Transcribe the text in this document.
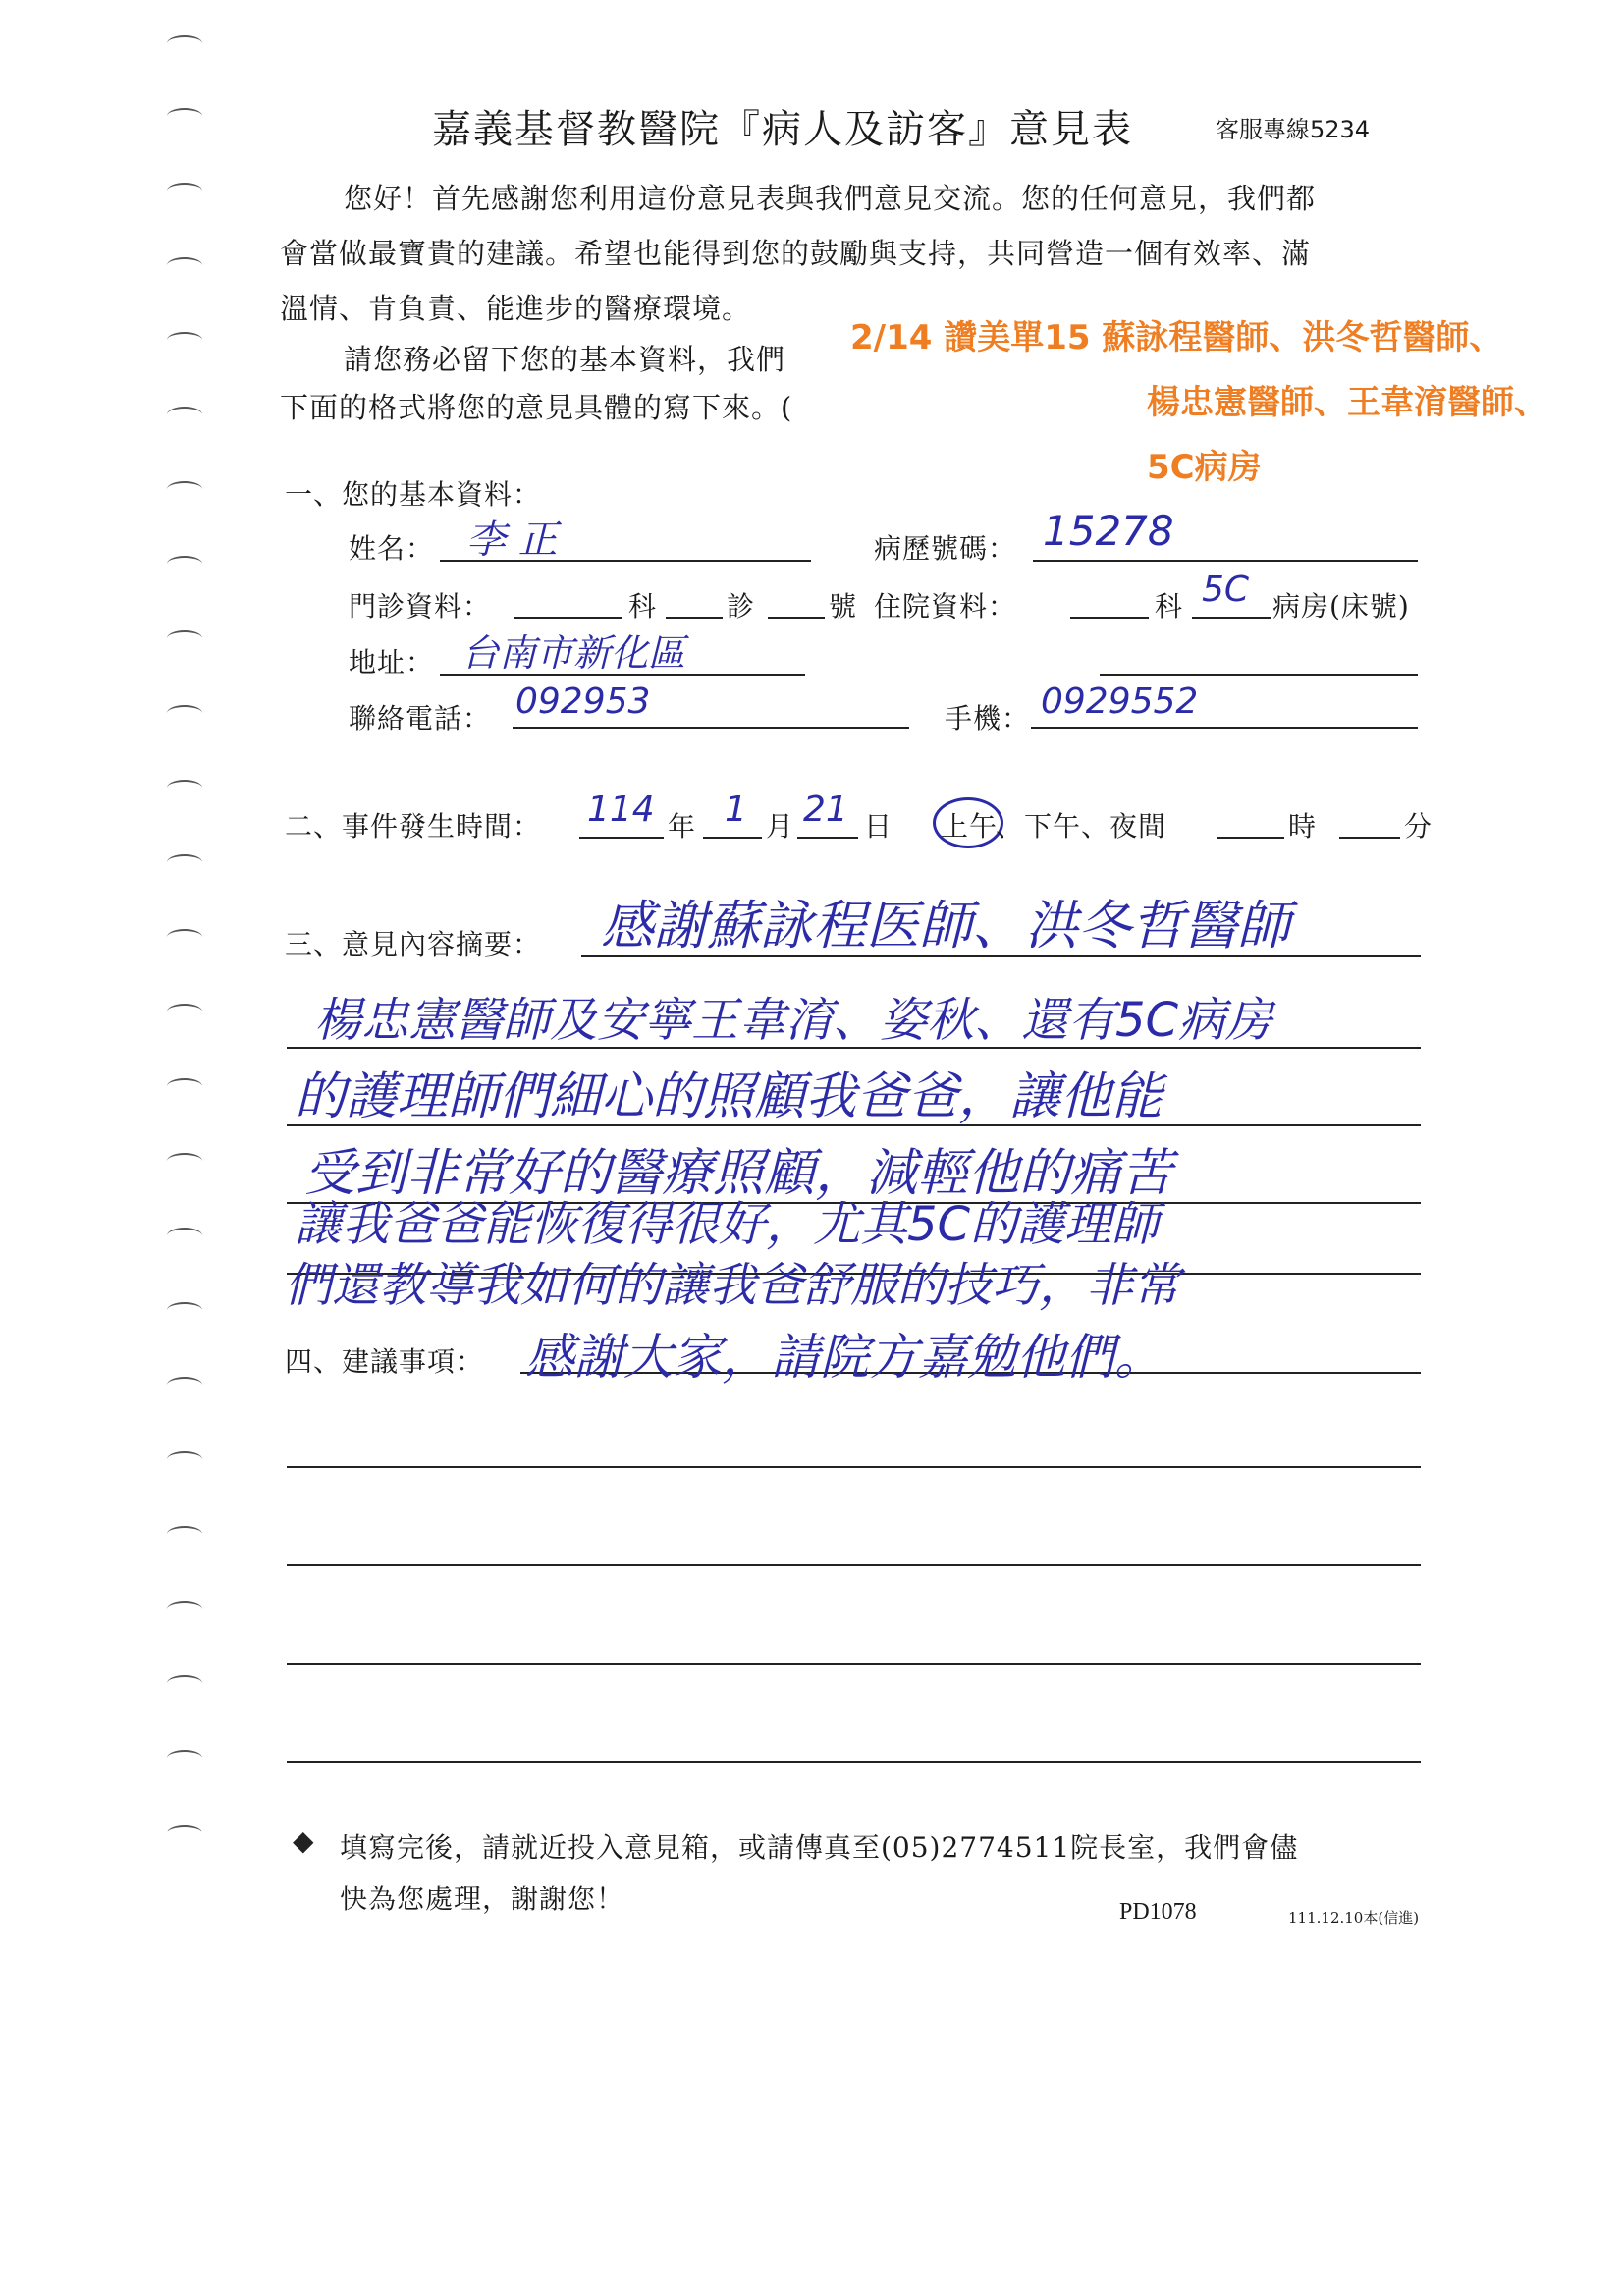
嘉義基督教醫院『病人及訪客』意見表	客服專線5234
您好！首先感謝您利用這份意見表與我們意見交流。您的任何意見，我們都
會當做最寶貴的建議。希望也能得到您的鼓勵與支持，共同營造一個有效率、滿
溫情、肯負責、能進步的醫療環境。
請您務必留下您的基本資料，我們
下面的格式將您的意見具體的寫下來。(
2/14 讚美單15 蘇詠程醫師、洪冬哲醫師、
楊忠憲醫師、王韋淯醫師、
5C病房
一、您的基本資料：
姓名： 李 正	病歷號碼： 15278
門診資料：	科	診	號 住院資料：	科 5C 病房(床號)
地址： 台南市新化區
聯絡電話： 092953	手機： 0929552
二、事件發生時間： 114 年 1 月 21 日 上午
、下午、夜間	時	分
三、意見內容摘要： 感謝蘇詠程医師、洪冬哲醫師
楊忠憲醫師及安寧王韋淯、姿秋、還有5C病房
的護理師們細心的照顧我爸爸，讓他能
受到非常好的醫療照顧，減輕他的痛苦
讓我爸爸能恢復得很好，尤其5C的護理師
們還教導我如何的讓我爸舒服的技巧，非常
四、建議事項： 感謝大家，請院方嘉勉他們。
◆ 填寫完後，請就近投入意見箱，或請傳真至(05)2774511院長室，我們會儘
快為您處理，謝謝您！	PD1078	111.12.10本(信進)
